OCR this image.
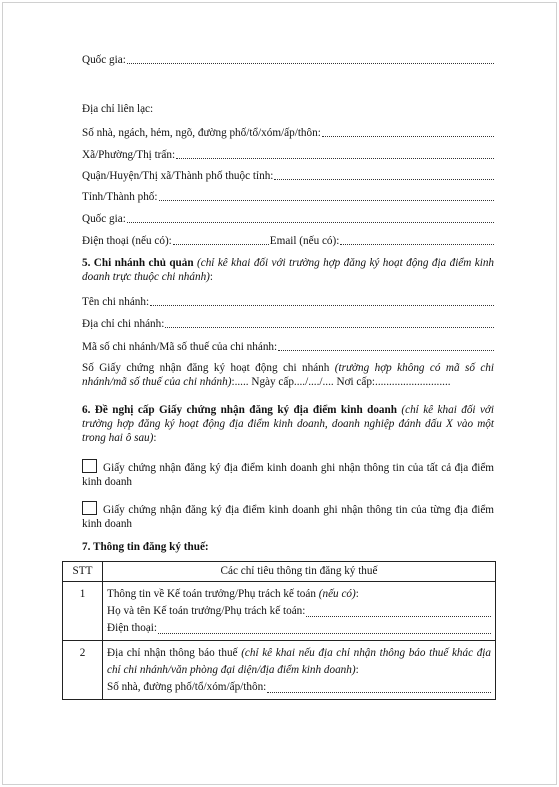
Quốc gia:
Địa chỉ liên lạc:
Số nhà, ngách, hẻm, ngõ, đường phố/tổ/xóm/ấp/thôn:
Xã/Phường/Thị trấn:
Quận/Huyện/Thị xã/Thành phố thuộc tỉnh:
Tỉnh/Thành phố:
Quốc gia:
Điện thoại (nếu có):	Email (nếu có):
5. Chi nhánh chủ quản (chỉ kê khai đối với trường hợp đăng ký hoạt động địa điểm kinh doanh trực thuộc chi nhánh):
Tên chi nhánh:
Địa chỉ chi nhánh:
Mã số chi nhánh/Mã số thuế của chi nhánh:
Số Giấy chứng nhận đăng ký hoạt động chi nhánh (trường hợp không có mã số chi nhánh/mã số thuế của chi nhánh):..... Ngày cấp..../..../.... Nơi cấp:...........................
6. Đề nghị cấp Giấy chứng nhận đăng ký địa điểm kinh doanh (chỉ kê khai đối với trường hợp đăng ký hoạt động địa điểm kinh doanh, doanh nghiệp đánh dấu X vào một trong hai ô sau):
Giấy chứng nhận đăng ký địa điểm kinh doanh ghi nhận thông tin của tất cả địa điểm kinh doanh
Giấy chứng nhận đăng ký địa điểm kinh doanh ghi nhận thông tin của từng địa điểm kinh doanh
7. Thông tin đăng ký thuế:
STT	Các chỉ tiêu thông tin đăng ký thuế
1	Thông tin về Kế toán trưởng/Phụ trách kế toán (nếu có):
Họ và tên Kế toán trưởng/Phụ trách kế toán:
Điện thoại:

2	Địa chỉ nhận thông báo thuế (chỉ kê khai nếu địa chỉ nhận thông báo thuế khác địa chỉ chi nhánh/văn phòng đại diện/địa điểm kinh doanh):
Số nhà, đường phố/tổ/xóm/ấp/thôn:
